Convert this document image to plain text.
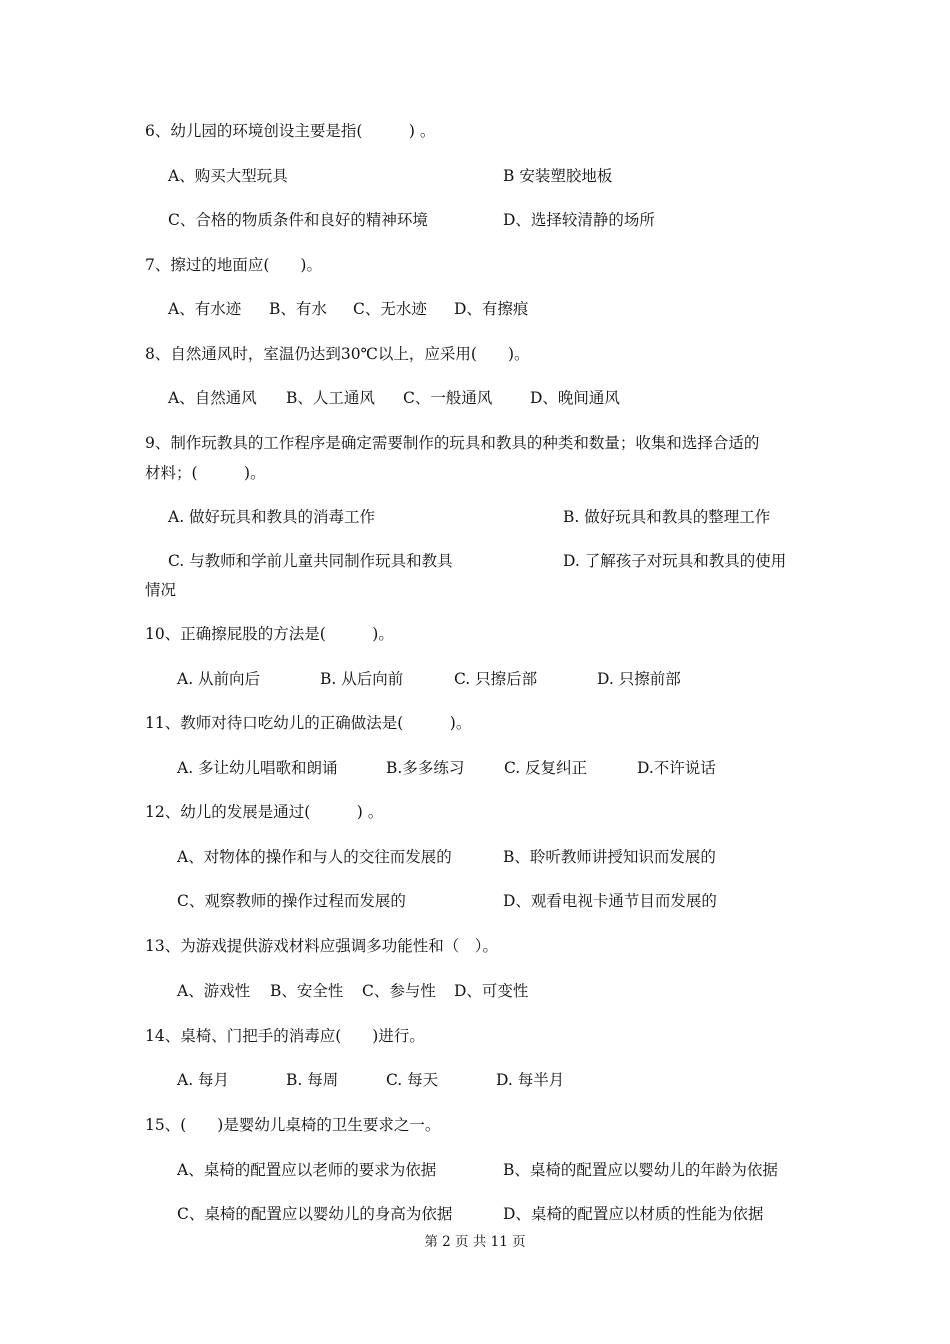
6、幼儿园的环境创设主要是指(　　　) 。
A、购买大型玩具	B 安装塑胶地板
C、合格的物质条件和良好的精神环境	D、选择较清静的场所
7、擦过的地面应(　　)。
A、有水迹 B、有水 C、无水迹 D、有擦痕
8、自然通风时，室温仍达到30℃以上，应采用(　　)。
A、自然通风 B、人工通风 C、一般通风 D、晚间通风
9、制作玩教具的工作程序是确定需要制作的玩具和教具的种类和数量；收集和选择合适的
材料；(　　　)。
A. 做好玩具和教具的消毒工作	B. 做好玩具和教具的整理工作
C. 与教师和学前儿童共同制作玩具和教具	D. 了解孩子对玩具和教具的使用
情况
10、正确擦屁股的方法是(　　　)。
A. 从前向后	B. 从后向前	C. 只擦后部	D. 只擦前部
11、教师对待口吃幼儿的正确做法是(　　　)。
A. 多让幼儿唱歌和朗诵	B.多多练习	C. 反复纠正	D.不许说话
12、幼儿的发展是通过(　　　) 。
A、对物体的操作和与人的交往而发展的	B、聆听教师讲授知识而发展的
C、观察教师的操作过程而发展的	D、观看电视卡通节目而发展的
13、为游戏提供游戏材料应强调多功能性和（　）。
A、游戏性 B、安全性 C、参与性 D、可变性
14、桌椅、门把手的消毒应(　　)进行。
A. 每月	B. 每周	C. 每天	D. 每半月
15、(　　)是婴幼儿桌椅的卫生要求之一。
A、桌椅的配置应以老师的要求为依据	B、桌椅的配置应以婴幼儿的年龄为依据
C、桌椅的配置应以婴幼儿的身高为依据	D、桌椅的配置应以材质的性能为依据
第 2 页 共 11 页
